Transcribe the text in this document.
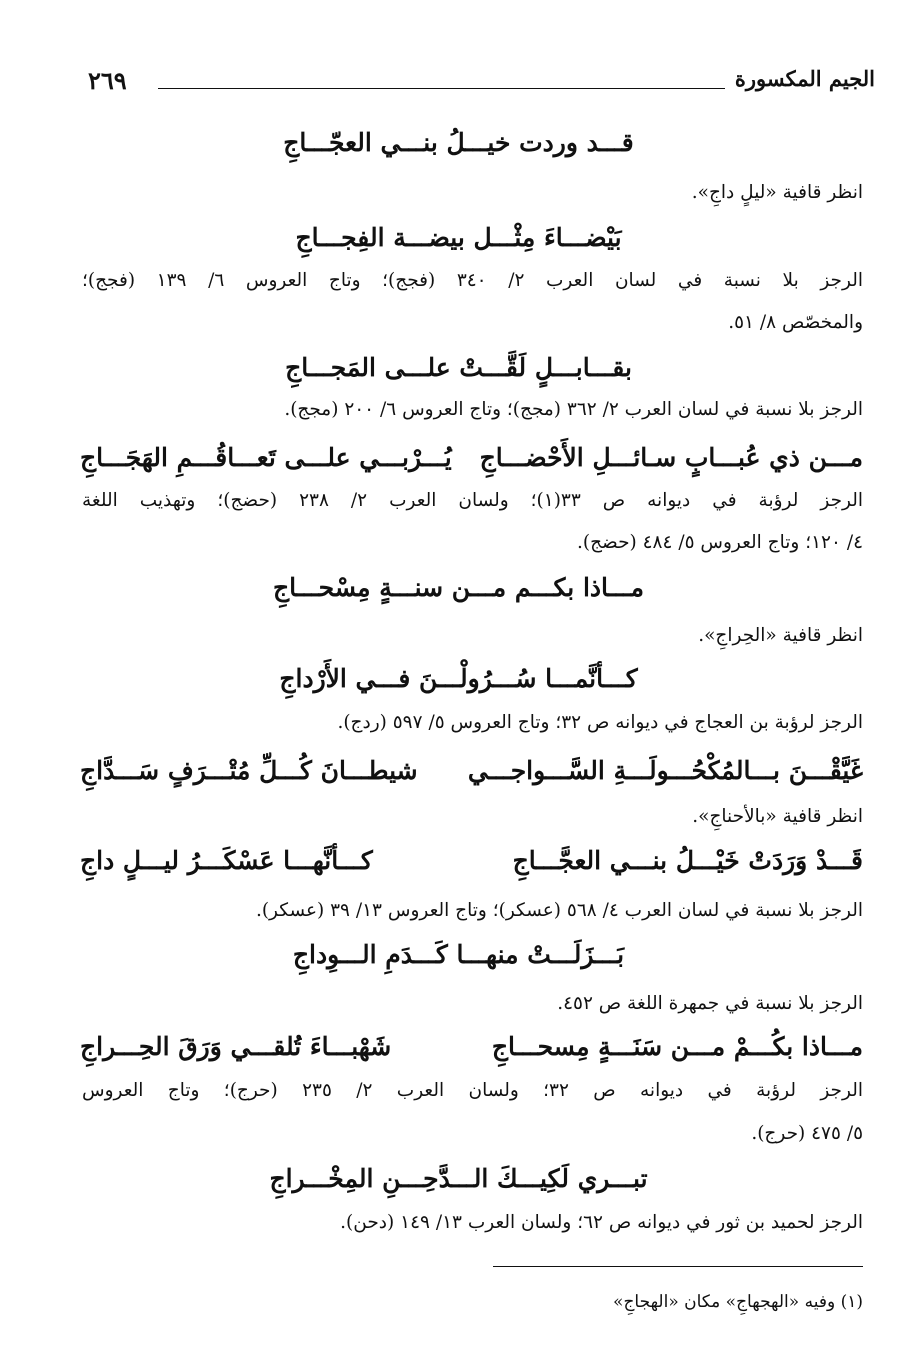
الجيم المكسورة
٢٦٩
قـــد وردت خيـــلُ بنـــي العجّـــاجِ
انظر قافية «ليلٍ داجِ».
بَيْضـــاءَ مِثْـــل بيضـــة الفِجـــاجِ
الرجز بلا نسبة في لسان العرب ٢/ ٣٤٠ (فجج)؛ وتاج العروس ٦/ ١٣٩ (فجج)؛
والمخصّص ٨/ ٥١.
بقـــابـــلٍ لَقَّـــتْ علـــى المَجـــاجِ
الرجز بلا نسبة في لسان العرب ٢/ ٣٦٢ (مجج)؛ وتاج العروس ٦/ ٢٠٠ (مجج).
مـــن ذي عُبـــابٍ سـائـــلِ الأَحْضـــاجِ
يُـــرْبـــي علـــى تَعـــاقُـــمِ الهَجَـــاجِ
الرجز لرؤبة في ديوانه ص ٣٣(١)؛ ولسان العرب ٢/ ٢٣٨ (حضج)؛ وتهذيب اللغة
٤/ ١٢٠؛ وتاج العروس ٥/ ٤٨٤ (حضج).
مـــاذا بكـــم مـــن سنـــةٍ مِسْحـــاجِ
انظر قافية «الحِراجِ».
كـــأنَّمـــا سُـــرُولْـــنَ فـــي الأَرْداجِ
الرجز لرؤبة بن العجاج في ديوانه ص ٣٢؛ وتاج العروس ٥/ ٥٩٧ (ردج).
غَيَّقْـــنَ بـــالمُكْحُـــولَـــةِ السَّـــواجـــي
شيطـــانَ كُـــلِّ مُتْـــرَفٍ سَـــدَّاجِ
انظر قافية «بالأحناجِ».
قَـــدْ وَرَدَتْ خَيْـــلُ بنـــي العجَّـــاجِ
كـــأنَّهـــا عَسْكَـــرُ ليـــلٍ داجِ
الرجز بلا نسبة في لسان العرب ٤/ ٥٦٨ (عسكر)؛ وتاج العروس ١٣/ ٣٩ (عسكر).
بَـــزَلَـــتْ منهـــا كَـــدَمِ الـــوِداجِ
الرجز بلا نسبة في جمهرة اللغة ص ٤٥٢.
مـــاذا بكُـــمْ مـــن سَنَـــةٍ مِسحـــاجِ
شَهْبـــاءَ تُلقـــي وَرَقَ الحِـــراجِ
الرجز لرؤبة في ديوانه ص ٣٢؛ ولسان العرب ٢/ ٢٣٥ (حرج)؛ وتاج العروس
٥/ ٤٧٥ (حرج).
تبـــري لَكِيـــكَ الـــدَّحِـــنِ المِخْـــراجِ
الرجز لحميد بن ثور في ديوانه ص ٦٢؛ ولسان العرب ١٣/ ١٤٩ (دحن).
(١) وفيه «الهجهاجِ» مكان «الهجاجِ»
